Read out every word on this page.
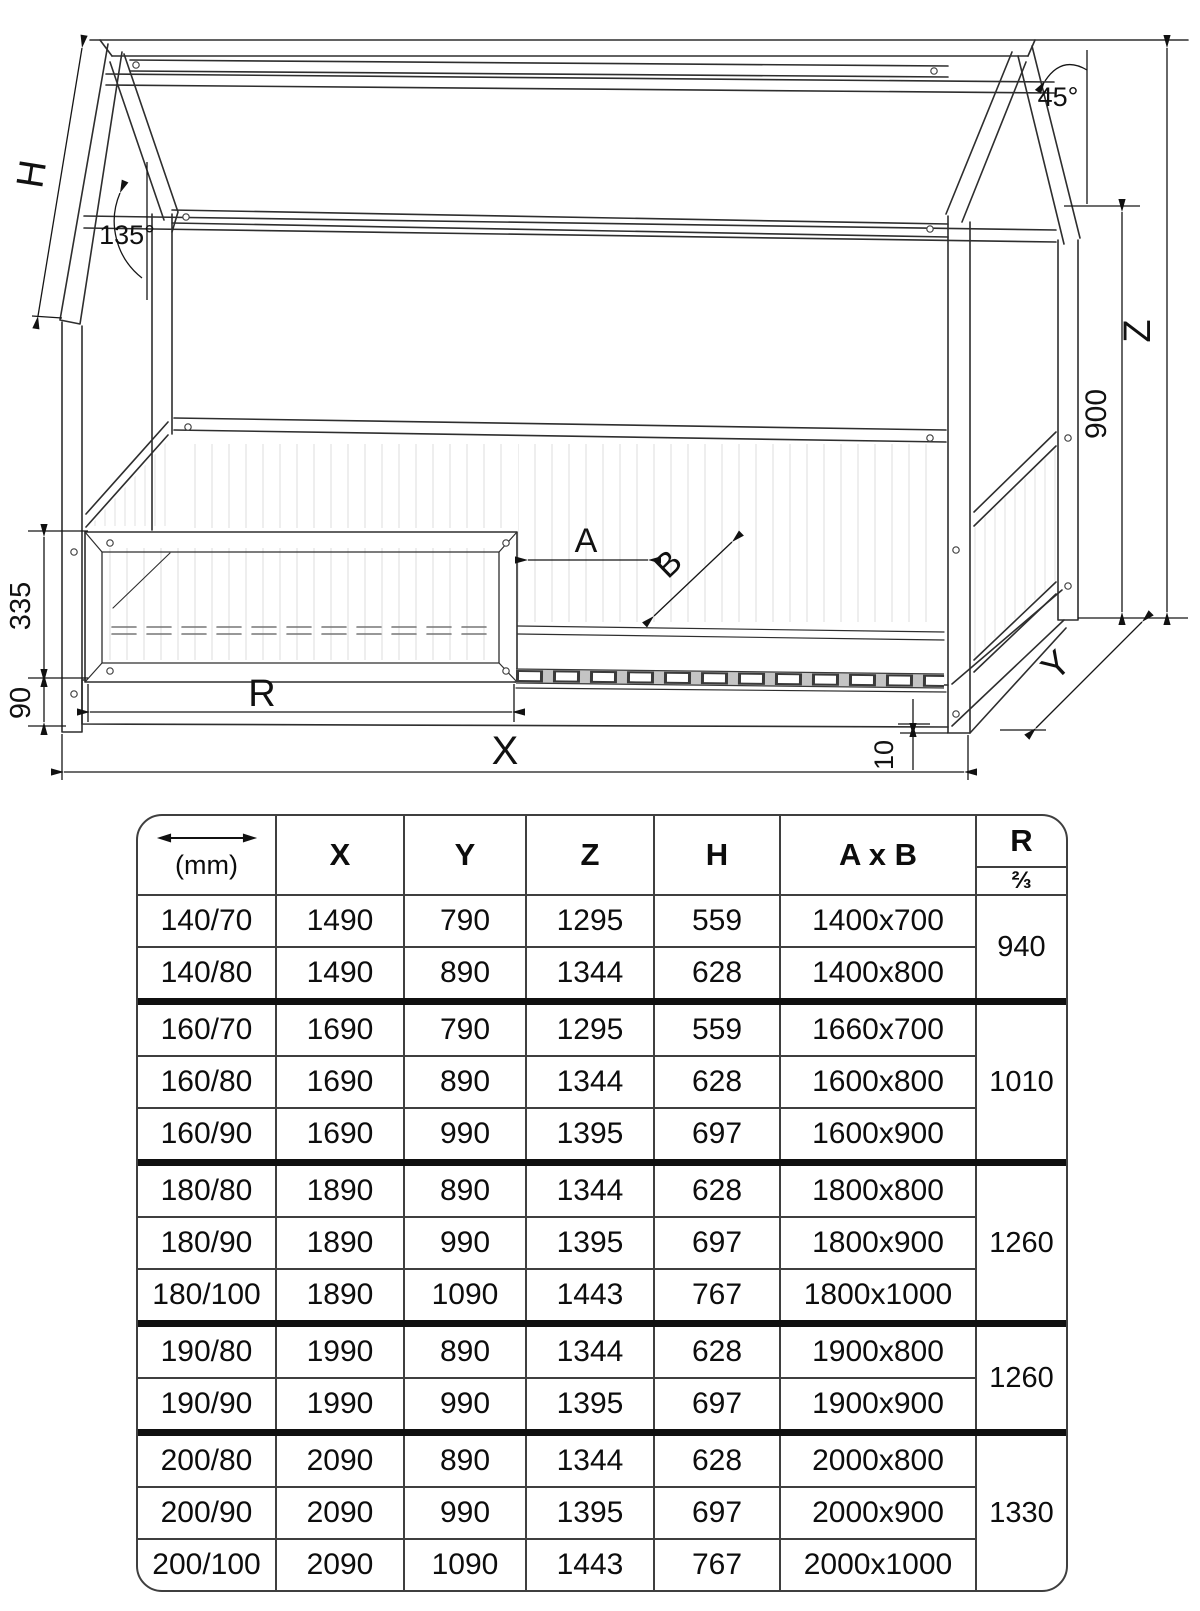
H
135°
45°
Z
900
335
90	R
X	10
Y
A
B
(mm)	X	Y	Z	H	A x B	R
⅔

140/70	1490	790	1295	559	1400x700	940
140/80	1490	890	1344	628	1400x800	
160/70	1690	790	1295	559	1660x700	1010
160/80	1690	890	1344	628	1600x800	
160/90	1690	990	1395	697	1600x900	
180/80	1890	890	1344	628	1800x800	1260
180/90	1890	990	1395	697	1800x900	
180/100	1890	1090	1443	767	1800x1000	
190/80	1990	890	1344	628	1900x800	1260
190/90	1990	990	1395	697	1900x900	
200/80	2090	890	1344	628	2000x800	1330
200/90	2090	990	1395	697	2000x900	
200/100	2090	1090	1443	767	2000x1000	
